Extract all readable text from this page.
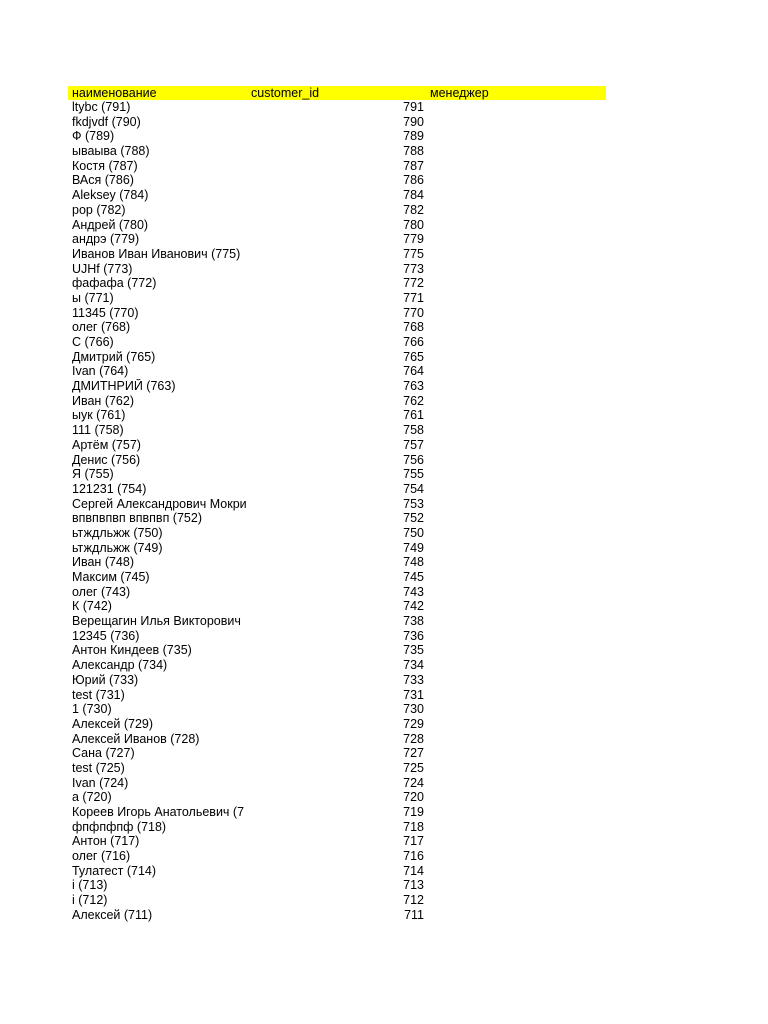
наименование	customer_id	менеджер
ltybc (791)	791
fkdjvdf (790)	790
Ф (789)	789
ываыва (788)	788
Костя (787)	787
ВАся (786)	786
Aleksey (784)	784
pop (782)	782
Андрей (780)	780
андрэ (779)	779
Иванов Иван Иванович (775)	775
UJHf (773)	773
фафафа (772)	772
ы (771)	771
11345 (770)	770
олег (768)	768
С (766)	766
Дмитрий (765)	765
Ivan (764)	764
ДМИТНРИЙ (763)	763
Иван (762)	762
ыук (761)	761
111 (758)	758
Артём (757)	757
Денис (756)	756
Я (755)	755
121231 (754)	754
Сергей Александрович Мокри	753
впвпвпвп впвпвп (752)	752
ьтждльжж (750)	750
ьтждльжж (749)	749
Иван (748)	748
Максим (745)	745
олег (743)	743
К (742)	742
Верещагин Илья Викторович	738
12345 (736)	736
Антон Киндеев (735)	735
Александр (734)	734
Юрий (733)	733
test (731)	731
1 (730)	730
Алексей (729)	729
Алексей Иванов (728)	728
Сана (727)	727
test (725)	725
Ivan (724)	724
а (720)	720
Кореев Игорь Анатольевич (7	719
фпфпфпф (718)	718
Антон (717)	717
олег (716)	716
Тулатест (714)	714
i (713)	713
i (712)	712
Алексей (711)	711
